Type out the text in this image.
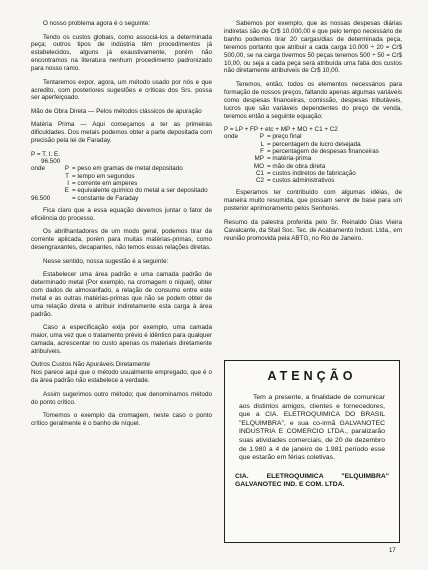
O nosso problema agora é o seguinte:

Tendo os custos globais, como associá-los a determinada peça; outros tipos de indústria têm procedimentos já estabelecidos, alguns já exaustivamente, porém não encontramos na literatura nenhum procedimento padronizado para nosso ramo.

Tentaremos expor, agora, um método usado por nós e que acredito, com posteriores sugestões e críticas dos Srs. possa ser aperfeiçoado.

Mão de Obra Direta — Pelos métodos clássicos de apuração

Matéria Prima — Aqui começamos a ter as primeiras dificuldades. Dos metais podemos obter a parte depositada com precisão pela lei de Faraday.

P = T. I. E.
96.500
onde	P = peso em gramas de metal depositado
T = tempo em segundos
I = corrente em amperes
E = equivalente químico do metal a ser depositado
96.500	= constante de Faraday

Fica claro que a essa equação devemos juntar o fator de eficiência do processo.

Os abrilhantadores de um modo geral, podemos tirar da corrente aplicada, porém para muitas matérias-primas, como desengraxantes, decapantes, não temos essas relações diretas.

Nesse sentido, nossa sugestão é a seguinte:

Estabelecer uma área padrão e uma camada padrão de determinado metal (Por exemplo, na cromagem o níquel), obter com dados de almoxarifado, a relação de consumo entre este metal e as outras matérias-primas que não se podem obter de uma relação direta e atribuir indiretamente esta carga à área padrão.

Caso a especificação exija por exemplo, uma camada maior, uma vez que o tratamento prévio é idêntico para qualquer camada, acrescentar no custo apenas os materiais diretamente atribuíveis.

Outros Custos Não Apuráveis Diretamente

Nos parece aqui que o método usualmente empregado, que é o da área padrão não estabelece a verdade.

Assim sugerimos outro método; que denominamos método do ponto crítico.

Tomemos o exemplo da cromagem, neste caso o ponto crítico geralmente é o banho de níquel.

Sabemos por exemplo, que as nossas despesas diárias indiretas são de Cr$ 10.000,00 e que pelo tempo necessário de banho podemos tirar 20 cargas/dias de determinada peça, teremos portanto que atribuir a cada carga 10.000 ÷ 20 = Cr$ 500,00, se na carga tivermos 50 peças teremos 500 ÷ 50 = Cr$ 10,00, ou seja a cada peça será atribuída uma fatia dos custos não diretamente atribuíveis de Cr$ 10,00.

Teremos, então, todos os elementos necessários para formação de nossos preços, faltando apenas algumas variáveis como despesas financeiras, comissão, despesas tributáveis, lucros que são variáveis dependentes do preço de venda, teremos então a seguinte equação:

P = LP + FP + etc + MP + MO + C1 + C2
onde	P = preço final
L = percentagem de lucro desejada
F = percentagem de despesas financeiras
MP = matéria-prima
MO = mão de obra direta
C1 = custos indiretos de fabricação
C2 = custos administrativos

Esperamos ter contribuído com algumas idéias, de maneira muito resumida, que possam servir de base para um posterior aprimoramento pelos Senhores.

Resumo da palestra proferida pelo Sr. Reinaldo Dias Vieira Cavalcante, da Stail Soc. Tec. de Acabamento Indust. Ltda., em reunião promovida pela ABTG, no Rio de Janeiro.

ATENÇÃO
Tem a presente, a finalidade de comunicar aos distintos amigos, clientes e fornecedores, que a CIA. ELETROQUIMICA DO BRASIL "ELQUIMBRA", e sua co-irmã GALVANOTEC INDUSTRIA E COMERCIO LTDA., paralizarão suas atividades comerciais, de 20 de dezembro de 1.980 a 4 de janeiro de 1.981 período esse que estarão em férias coletivas.
CIA. ELETROQUIMICA "ELQUIMBRA" GALVANOTEC IND. E COM. LTDA.
17
